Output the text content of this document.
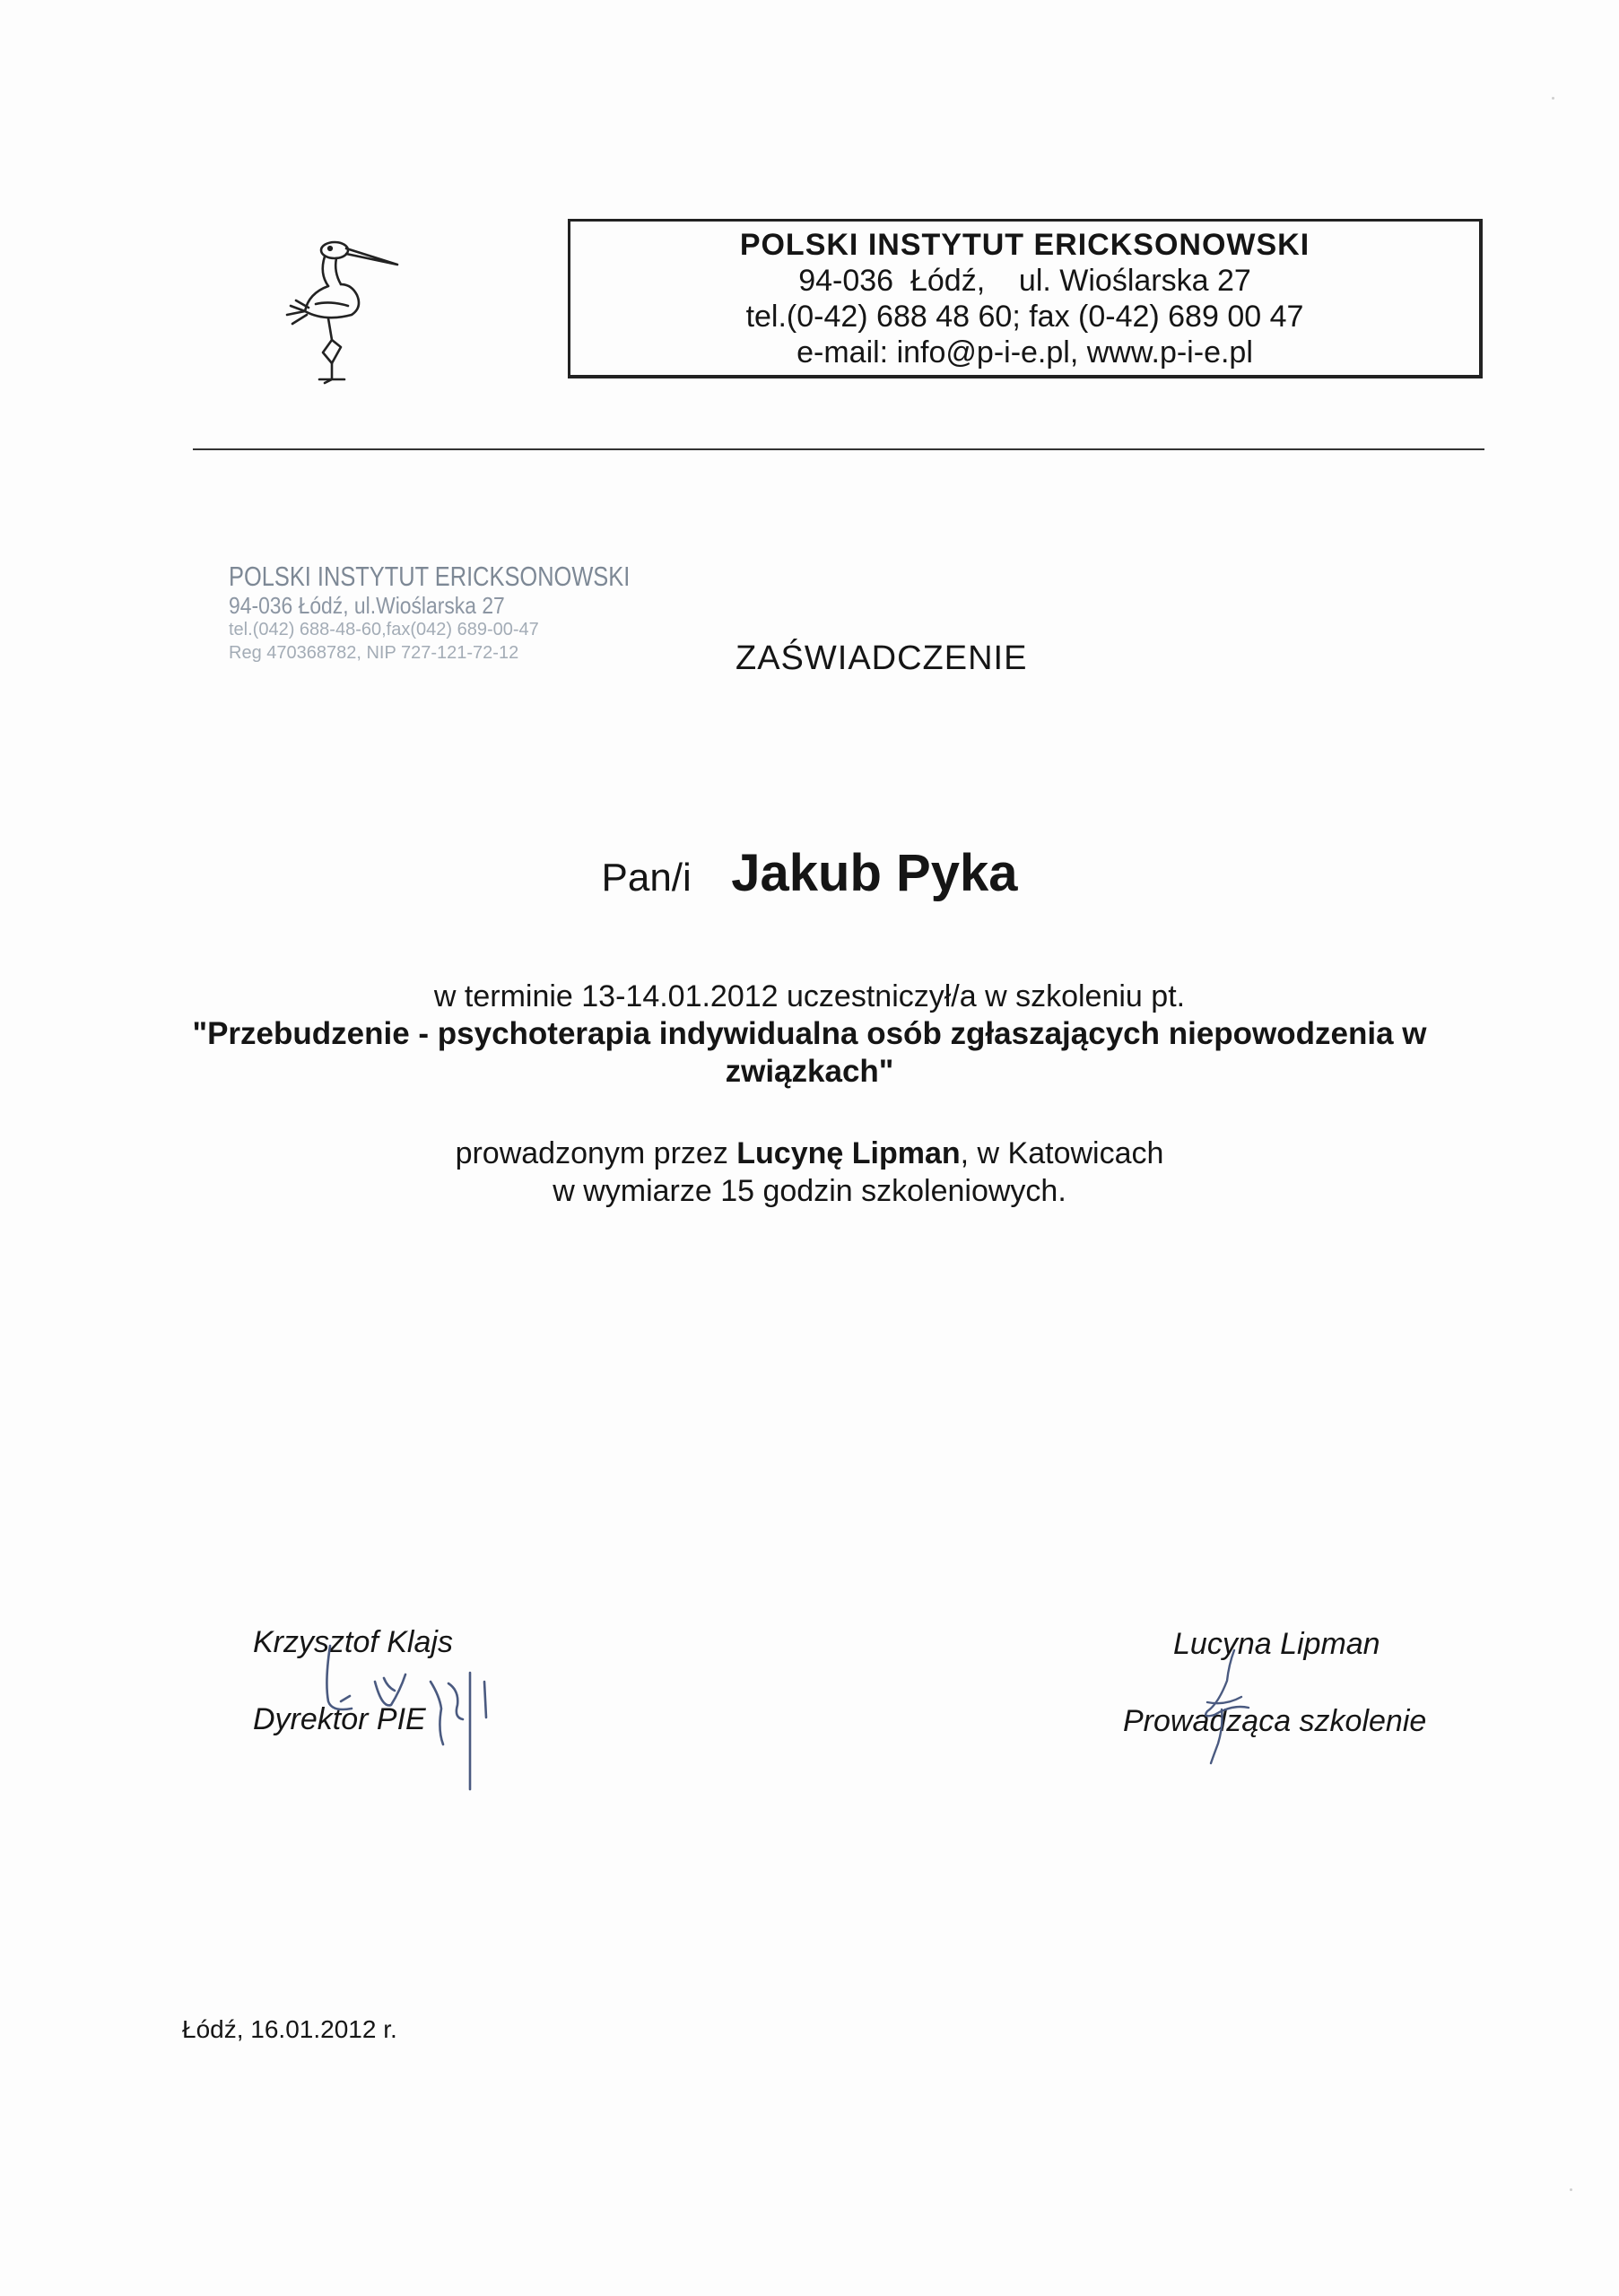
POLSKI INSTYTUT ERICKSONOWSKI
94-036  Łódź,    ul. Wioślarska 27
tel.(0-42) 688 48 60; fax (0-42) 689 00 47
e-mail: info@p-i-e.pl, www.p-i-e.pl
POLSKI INSTYTUT ERICKSONOWSKI
94-036 Łódź, ul.Wioślarska 27
tel.(042) 688-48-60,fax(042) 689-00-47
Reg 470368782, NIP 727-121-72-12	ZAŚWIADCZENIE
Pan/i Jakub Pyka
w terminie 13-14.01.2012 uczestniczył/a w szkoleniu pt.
"Przebudzenie - psychoterapia indywidualna osób zgłaszających niepowodzenia w związkach"
prowadzonym przez Lucynę Lipman, w Katowicach
w wymiarze 15 godzin szkoleniowych.
Krzysztof Klajs
Dyrektor PIE
Lucyna Lipman
Prowadząca szkolenie
Łódź, 16.01.2012 r.
